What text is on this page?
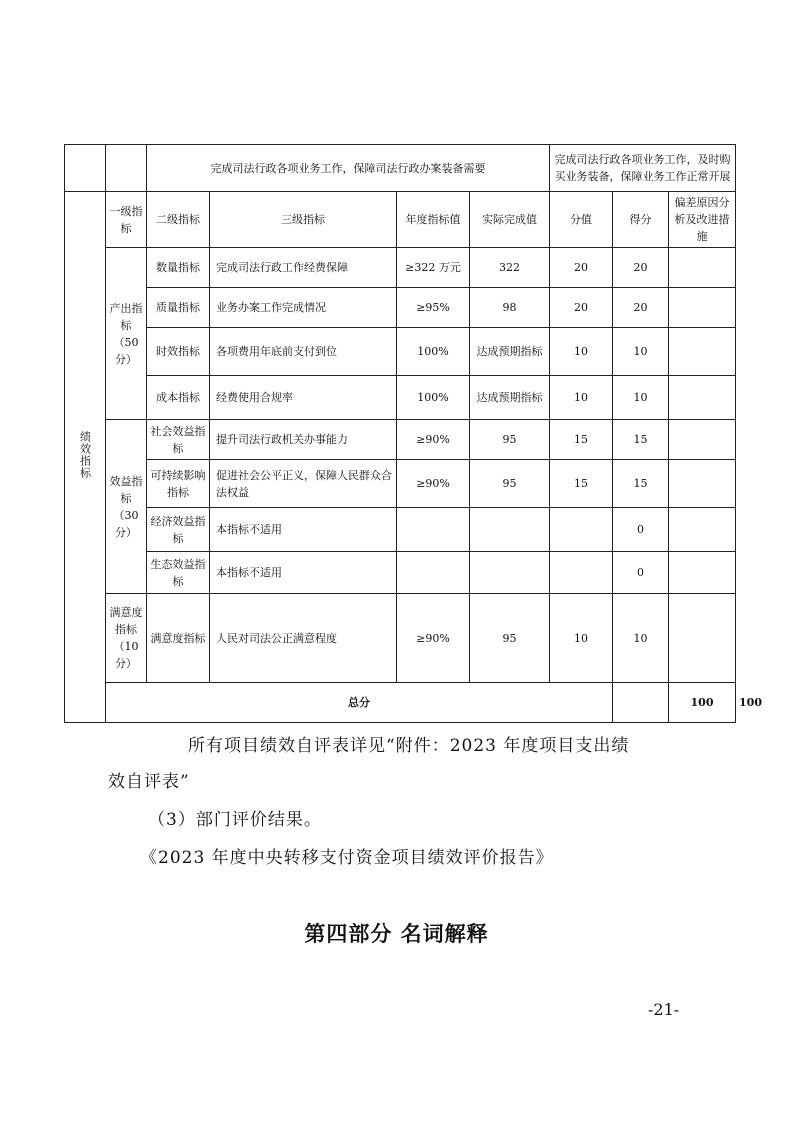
		完成司法行政各项业务工作，保障司法行政办案装备需要				完成司法行政各项业务工作，及时购买业务装备，保障业务工作正常开展			
绩效指标	一级指标	二级指标	三级指标	年度指标值	实际完成值	分值	得分	偏差原因分析及改进措施	
	产出指标（50分）	数量指标	完成司法行政工作经费保障	≥322 万元	322	20	20		
		质量指标	业务办案工作完成情况	≥95%	98	20	20		
		时效指标	各项费用年底前支付到位	100%	达成预期指标	10	10		
		成本指标	经费使用合规率	100%	达成预期指标	10	10		
	效益指标（30分）	社会效益指标	提升司法行政机关办事能力	≥90%	95	15	15		
		可持续影响指标	促进社会公平正义，保障人民群众合法权益	≥90%	95	15	15		
		经济效益指标	本指标不适用				0		
		生态效益指标	本指标不适用				0		
	满意度指标（10分）	满意度指标	人民对司法公正满意程度	≥90%	95	10	10		
	总分							100	100	
所有项目绩效自评表详见“附件：2023 年度项目支出绩
效自评表”
（3）部门评价结果。
《2023 年度中央转移支付资金项目绩效评价报告》
第四部分 名词解释
-21-
